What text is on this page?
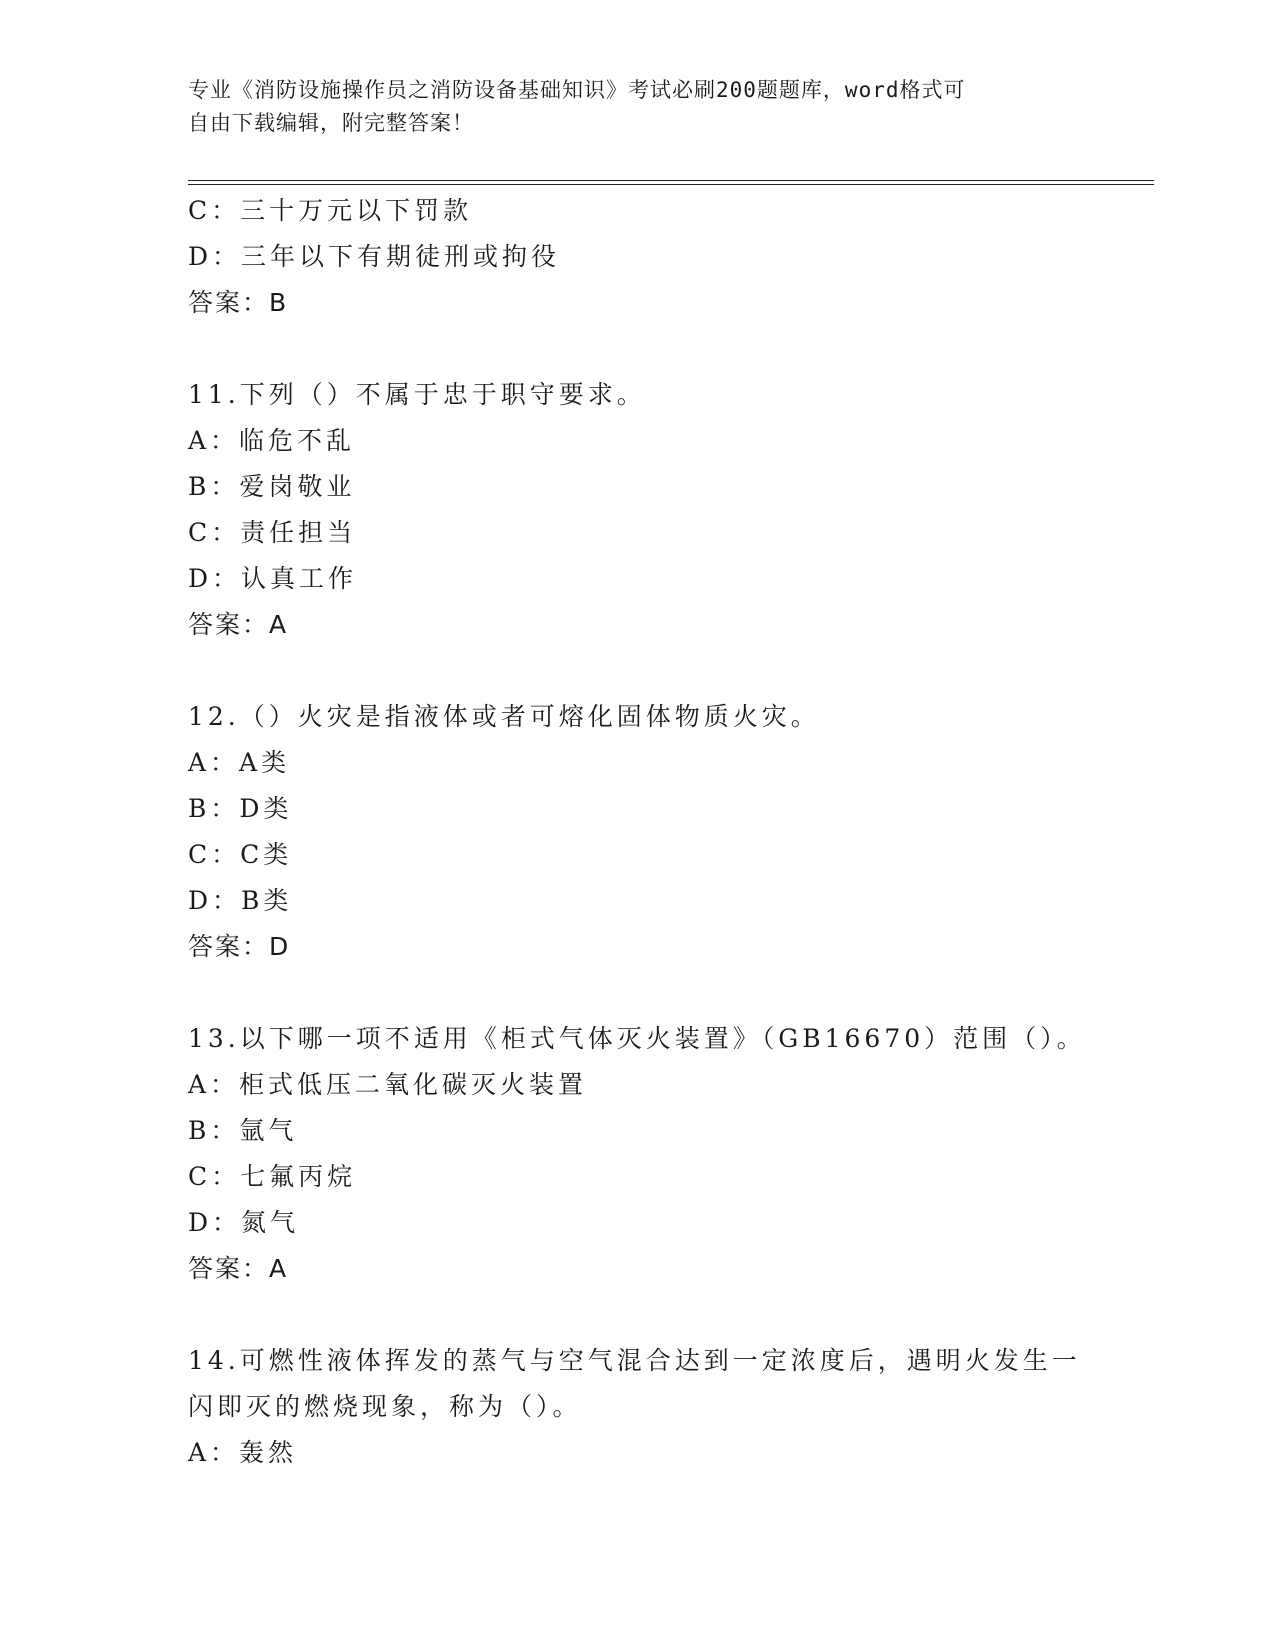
专业《消防设施操作员之消防设备基础知识》考试必刷200题题库，word格式可
自由下载编辑，附完整答案！
C：三十万元以下罚款
D：三年以下有期徒刑或拘役
答案：B
11.下列（）不属于忠于职守要求。
A：临危不乱
B：爱岗敬业
C：责任担当
D：认真工作
答案：A
12.（）火灾是指液体或者可熔化固体物质火灾。
A：A类
B：D类
C：C类
D：B类
答案：D
13.以下哪一项不适用《柜式气体灭火装置》（GB16670）范围（）。
A：柜式低压二氧化碳灭火装置
B：氩气
C：七氟丙烷
D：氮气
答案：A
14.可燃性液体挥发的蒸气与空气混合达到一定浓度后，遇明火发生一
闪即灭的燃烧现象，称为（）。
A：轰然
